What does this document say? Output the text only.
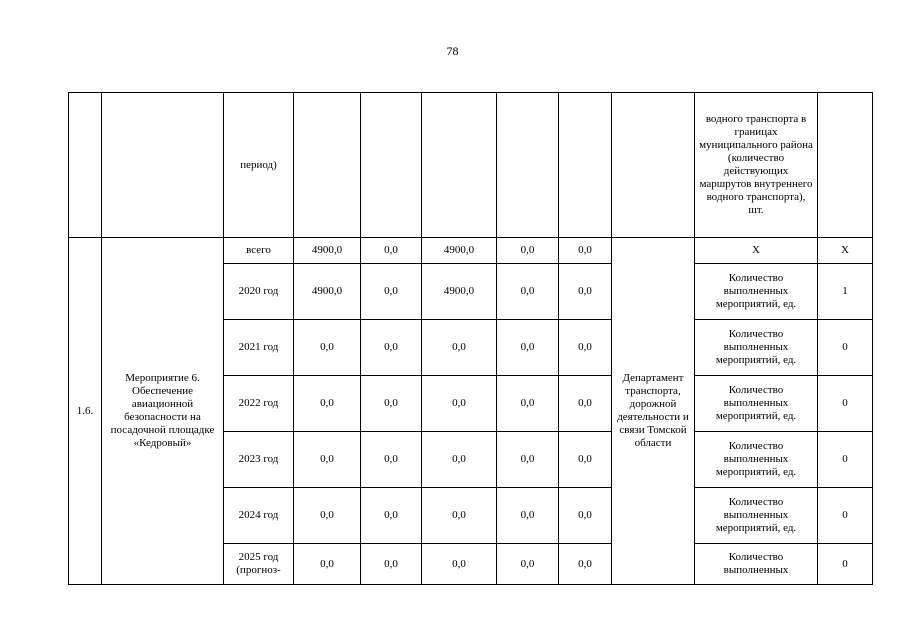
78
		период)							водного транспорта в границах муниципального района (количество действующих маршрутов внутреннего водного транспорта), шт.	
1.6.	Мероприятие 6. Обеспечение авиационной безопасности на посадочной площадке «Кедровый»	всего	4900,0	0,0	4900,0	0,0	0,0	Департамент транспорта, дорожной деятельности и связи Томской области	Х	Х
		2020 год	4900,0	0,0	4900,0	0,0	0,0		Количество выполненных мероприятий, ед.	1
		2021 год	0,0	0,0	0,0	0,0	0,0		Количество выполненных мероприятий, ед.	0
		2022 год	0,0	0,0	0,0	0,0	0,0		Количество выполненных мероприятий, ед.	0
		2023 год	0,0	0,0	0,0	0,0	0,0		Количество выполненных мероприятий, ед.	0
		2024 год	0,0	0,0	0,0	0,0	0,0		Количество выполненных мероприятий, ед.	0
		2025 год (прогноз-	0,0	0,0	0,0	0,0	0,0		Количество выполненных	0
